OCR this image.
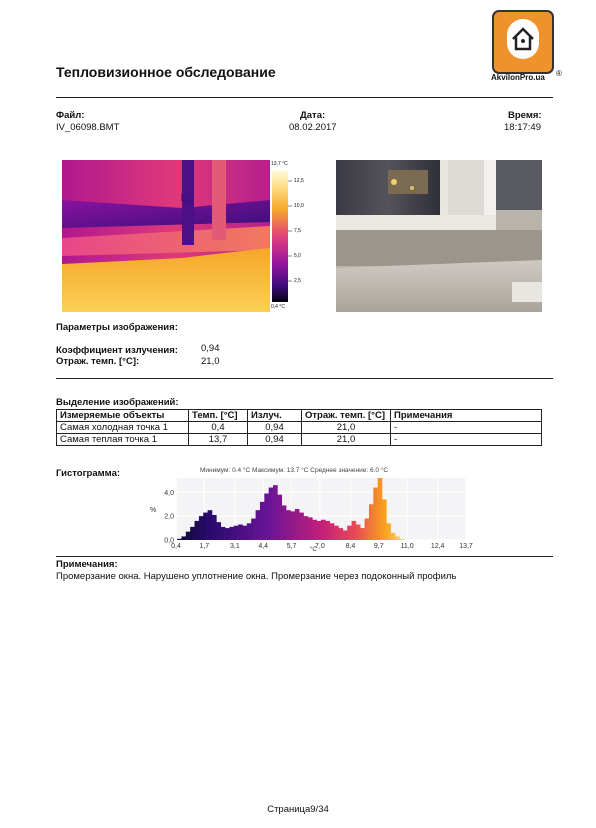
Тепловизионное обследование	AkvilonPro.ua ®
Файл:
IV_06098.BMT
Дата:
08.02.2017
Время:
18:17:49
13,7 °C
12,5
10,0
7,5
5,0
2,5
0,4 °C
Параметры изображения:
Коэффициент излучения: 0,94
Отраж. темп. [°C]:	21,0
Выделение изображений:
Измеряемые объекты	Темп. [°C]	Излуч.	Отраж. темп. [°C]	Примечания
Самая холодная точка 1	0,4	0,94	21,0	-
Самая теплая точка 1	13,7	0,94	21,0	-
Гистограмма:	Минимум: 0.4 °C Максимум: 13.7 °C Среднее значение: 6.0 °C
0,4	1,7	3,1	4,4	5,7	7,0	8,4	9,7 11,0 12,4 13,7
0,0
2,0
4,0
%
°C
Примечания:
Промерзание окна. Нарушено уплотнение окна. Промерзание через подоконный профиль
Страница9/34
